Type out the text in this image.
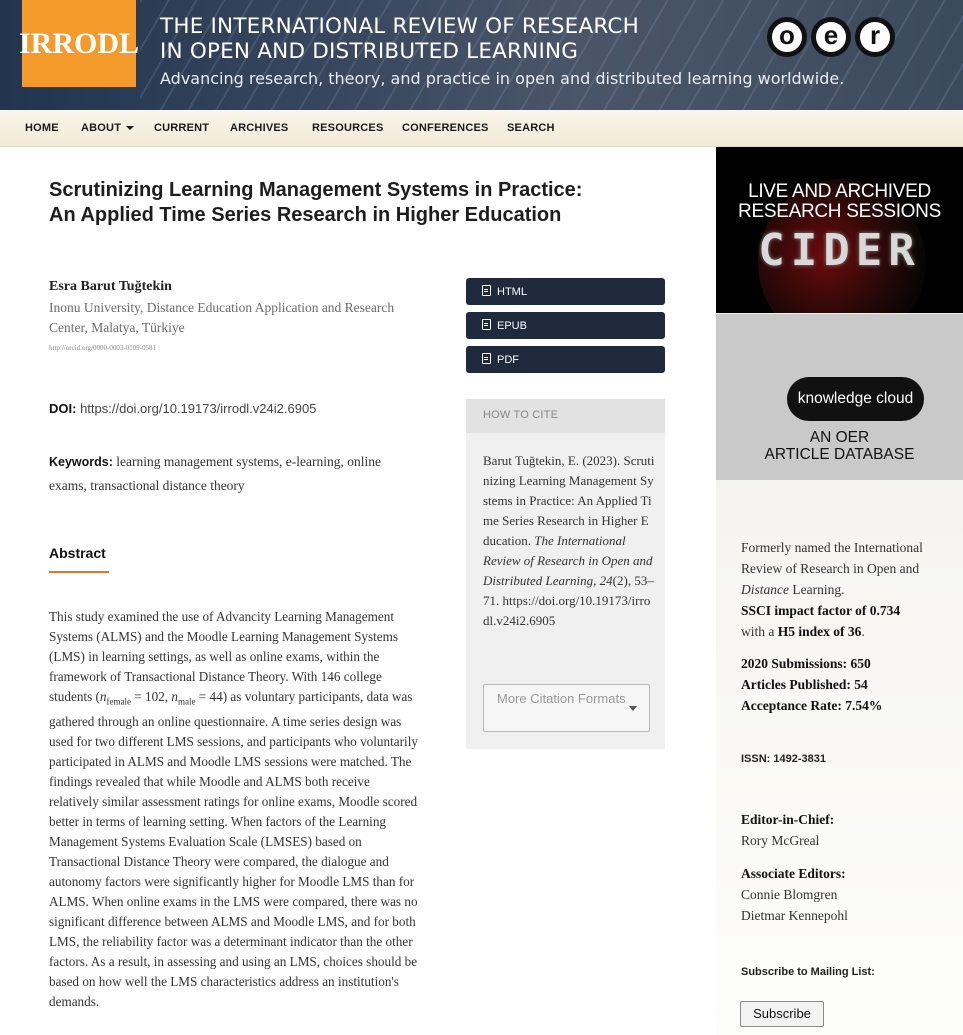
IRRODL THE INTERNATIONAL REVIEW OF RESEARCH
IN OPEN AND DISTRIBUTED LEARNING
Advancing research, theory, and practice in open and distributed learning worldwide.
HOME ABOUT	CURRENT ARCHIVES RESOURCES CONFERENCES SEARCH
Scrutinizing Learning Management Systems in Practice:
An Applied Time Series Research in Higher Education
Esra Barut Tuğtekin
Inonu University, Distance Education Application and Research Center, Malatya, Türkiye
http://orcid.org/0000-0003-0109-0581
DOI: https://doi.org/10.19173/irrodl.v24i2.6905
Keywords: learning management systems, e-learning, online exams, transactional distance theory
Abstract
This study examined the use of Advancity Learning Management Systems (ALMS) and the Moodle Learning Management Systems (LMS) in learning settings, as well as online exams, within the framework of Transactional Distance Theory. With 146 college students ($n_{female} = 102$, $n_{male} = 44$) as voluntary participants, data was gathered through an online questionnaire. A time series design was used for two different LMS sessions, and participants who voluntarily participated in ALMS and Moodle LMS sessions were matched. The findings revealed that while Moodle and ALMS both receive relatively similar assessment ratings for online exams, Moodle scored better in terms of learning setting. When factors of the Learning Management Systems Evaluation Scale (LMSES) based on Transactional Distance Theory were compared, the dialogue and autonomy factors were significantly higher for Moodle LMS than for ALMS. When online exams in the LMS were compared, there was no significant difference between ALMS and Moodle LMS, and for both LMS, the reliability factor was a determinant indicator than the other factors. As a result, in assessing and using an LMS, choices should be based on how well the LMS characteristics address an institution's demands.
HTML
EPUB
PDF
HOW TO CITE
Barut Tuğtekin, E. (2023). Scrutinizing Learning Management Systems in Practice: An Applied Time Series Research in Higher Education. The International Review of Research in Open and Distributed Learning, 24(2), 53–71. https://doi.org/10.19173/irrodl.v24i2.6905
More Citation Formats
LIVE AND ARCHIVED
RESEARCH SESSIONS
CIDER
o	e	r
knowledge cloud
AN OER
ARTICLE DATABASE
Formerly named the International Review of Research in Open and Distance Learning.
SSCI impact factor of 0.734
with a H5 index of 36.
2020 Submissions: 650
Articles Published: 54
Acceptance Rate: 7.54%
ISSN: 1492-3831
Editor-in-Chief:
Rory McGreal
Associate Editors:
Connie Blomgren
Dietmar Kennepohl
Subscribe to Mailing List:
Subscribe
